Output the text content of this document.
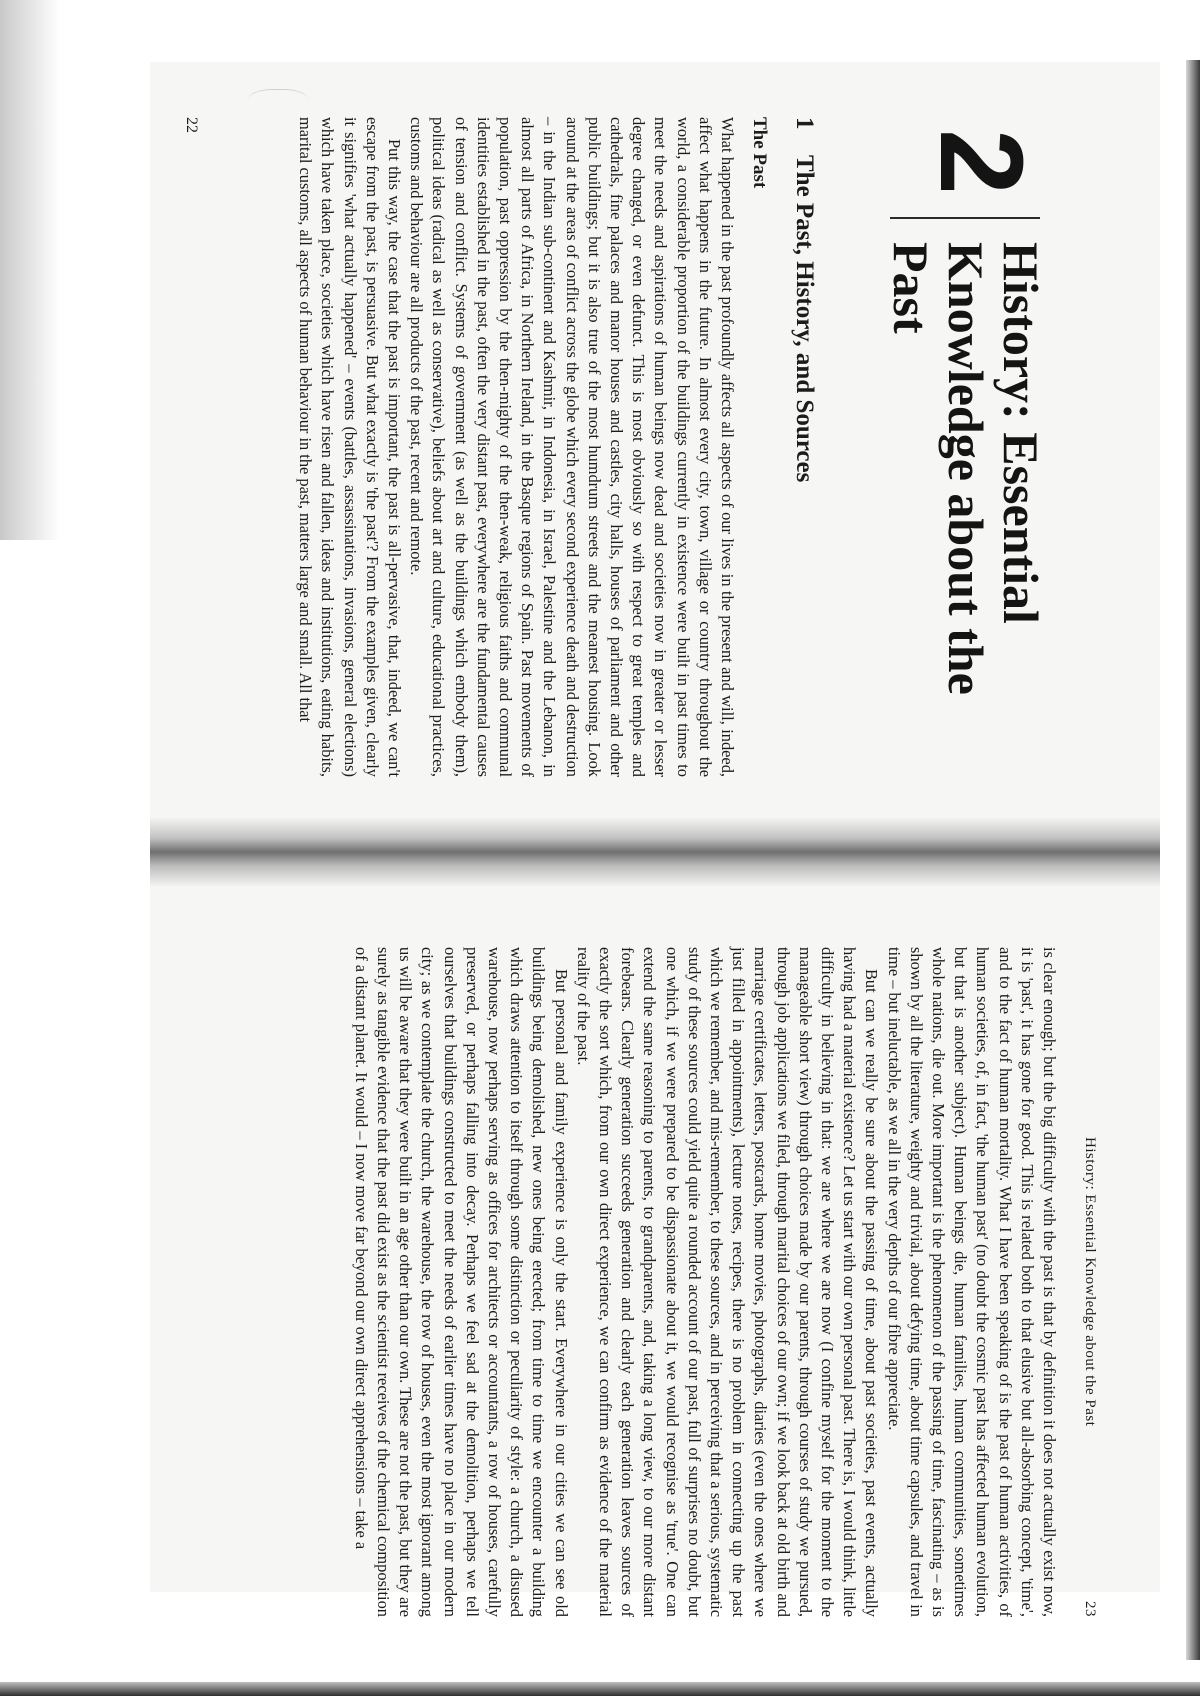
2
History: Essential Knowledge about the Past
1The Past, History, and Sources
The Past

What happened in the past profoundly affects all aspects of our lives in the present and will, indeed, affect what happens in the future. In almost every city, town, village or country throughout the world, a considerable proportion of the buildings currently in existence were built in past times to meet the needs and aspirations of human beings now dead and societies now in greater or lesser degree changed, or even defunct. This is most obviously so with respect to great temples and cathedrals, fine palaces and manor houses and castles, city halls, houses of parliament and other public buildings; but it is also true of the most humdrum streets and the meanest housing. Look around at the areas of conflict across the globe which every second experience death and destruction – in the Indian sub-continent and Kashmir, in Indonesia, in Israel, Palestine and the Lebanon, in almost all parts of Africa, in Northern Ireland, in the Basque regions of Spain. Past movements of population, past oppression by the then-mighty of the then-weak, religious faiths and communal identities established in the past, often the very distant past, everywhere are the fundamental causes of tension and conflict. Systems of government (as well as the buildings which embody them), political ideas (radical as well as conservative), beliefs about art and culture, educational practices, customs and behaviour are all products of the past, recent and remote.

Put this way, the case that the past is important, the past is all-pervasive, that, indeed, we can't escape from the past, is persuasive. But what exactly is 'the past'? From the examples given, clearly it signifies 'what actually happened' – events (battles, assassinations, invasions, general elections) which have taken place, societies which have risen and fallen, ideas and institutions, eating habits, marital customs, all aspects of human behaviour in the past, matters large and small. All that

22
History: Essential Knowledge about the Past
23

is clear enough; but the big difficulty with the past is that by definition it does not actually exist now, it is 'past', it has gone for good. This is related both to that elusive but all-absorbing concept, 'time', and to the fact of human mortality. What I have been speaking of is the past of human activities, of human societies, of, in fact, 'the human past' (no doubt the cosmic past has affected human evolution, but that is another subject). Human beings die, human families, human communities, sometimes whole nations, die out. More important is the phenomenon of the passing of time, fascinating – as is shown by all the literature, weighty and trivial, about defying time, about time capsules, and travel in time – but ineluctable, as we all in the very depths of our fibre appreciate.

But can we really be sure about the passing of time, about past societies, past events, actually having had a material existence? Let us start with our own personal past. There is, I would think, little difficulty in believing in that: we are where we are now (I confine myself for the moment to the manageable short view) through choices made by our parents, through courses of study we pursued, through job applications we filed, through marital choices of our own; if we look back at old birth and marriage certificates, letters, postcards, home movies, photographs, diaries (even the ones where we just filled in appointments), lecture notes, recipes, there is no problem in connecting up the past which we remember, and mis-remember, to these sources, and in perceiving that a serious, systematic study of these sources could yield quite a rounded account of our past, full of surprises no doubt, but one which, if we were prepared to be dispassionate about it, we would recognise as 'true'. One can extend the same reasoning to parents, to grandparents, and, taking a long view, to our more distant forebears. Clearly generation succeeds generation and clearly each generation leaves sources of exactly the sort which, from our own direct experience, we can confirm as evidence of the material reality of the past.

But personal and family experience is only the start. Everywhere in our cities we can see old buildings being demolished, new ones being erected; from time to time we encounter a building which draws attention to itself through some distinction or peculiarity of style: a church, a disused warehouse, now perhaps serving as offices for architects or accountants, a row of houses, carefully preserved, or perhaps falling into decay. Perhaps we feel sad at the demolition, perhaps we tell ourselves that buildings constructed to meet the needs of earlier times have no place in our modern city; as we contemplate the church, the warehouse, the row of houses, even the most ignorant among us will be aware that they were built in an age other than our own. These are not the past, but they are surely as tangible evidence that the past did exist as the scientist receives of the chemical composition of a distant planet. It would – I now move far beyond our own direct apprehensions – take a
